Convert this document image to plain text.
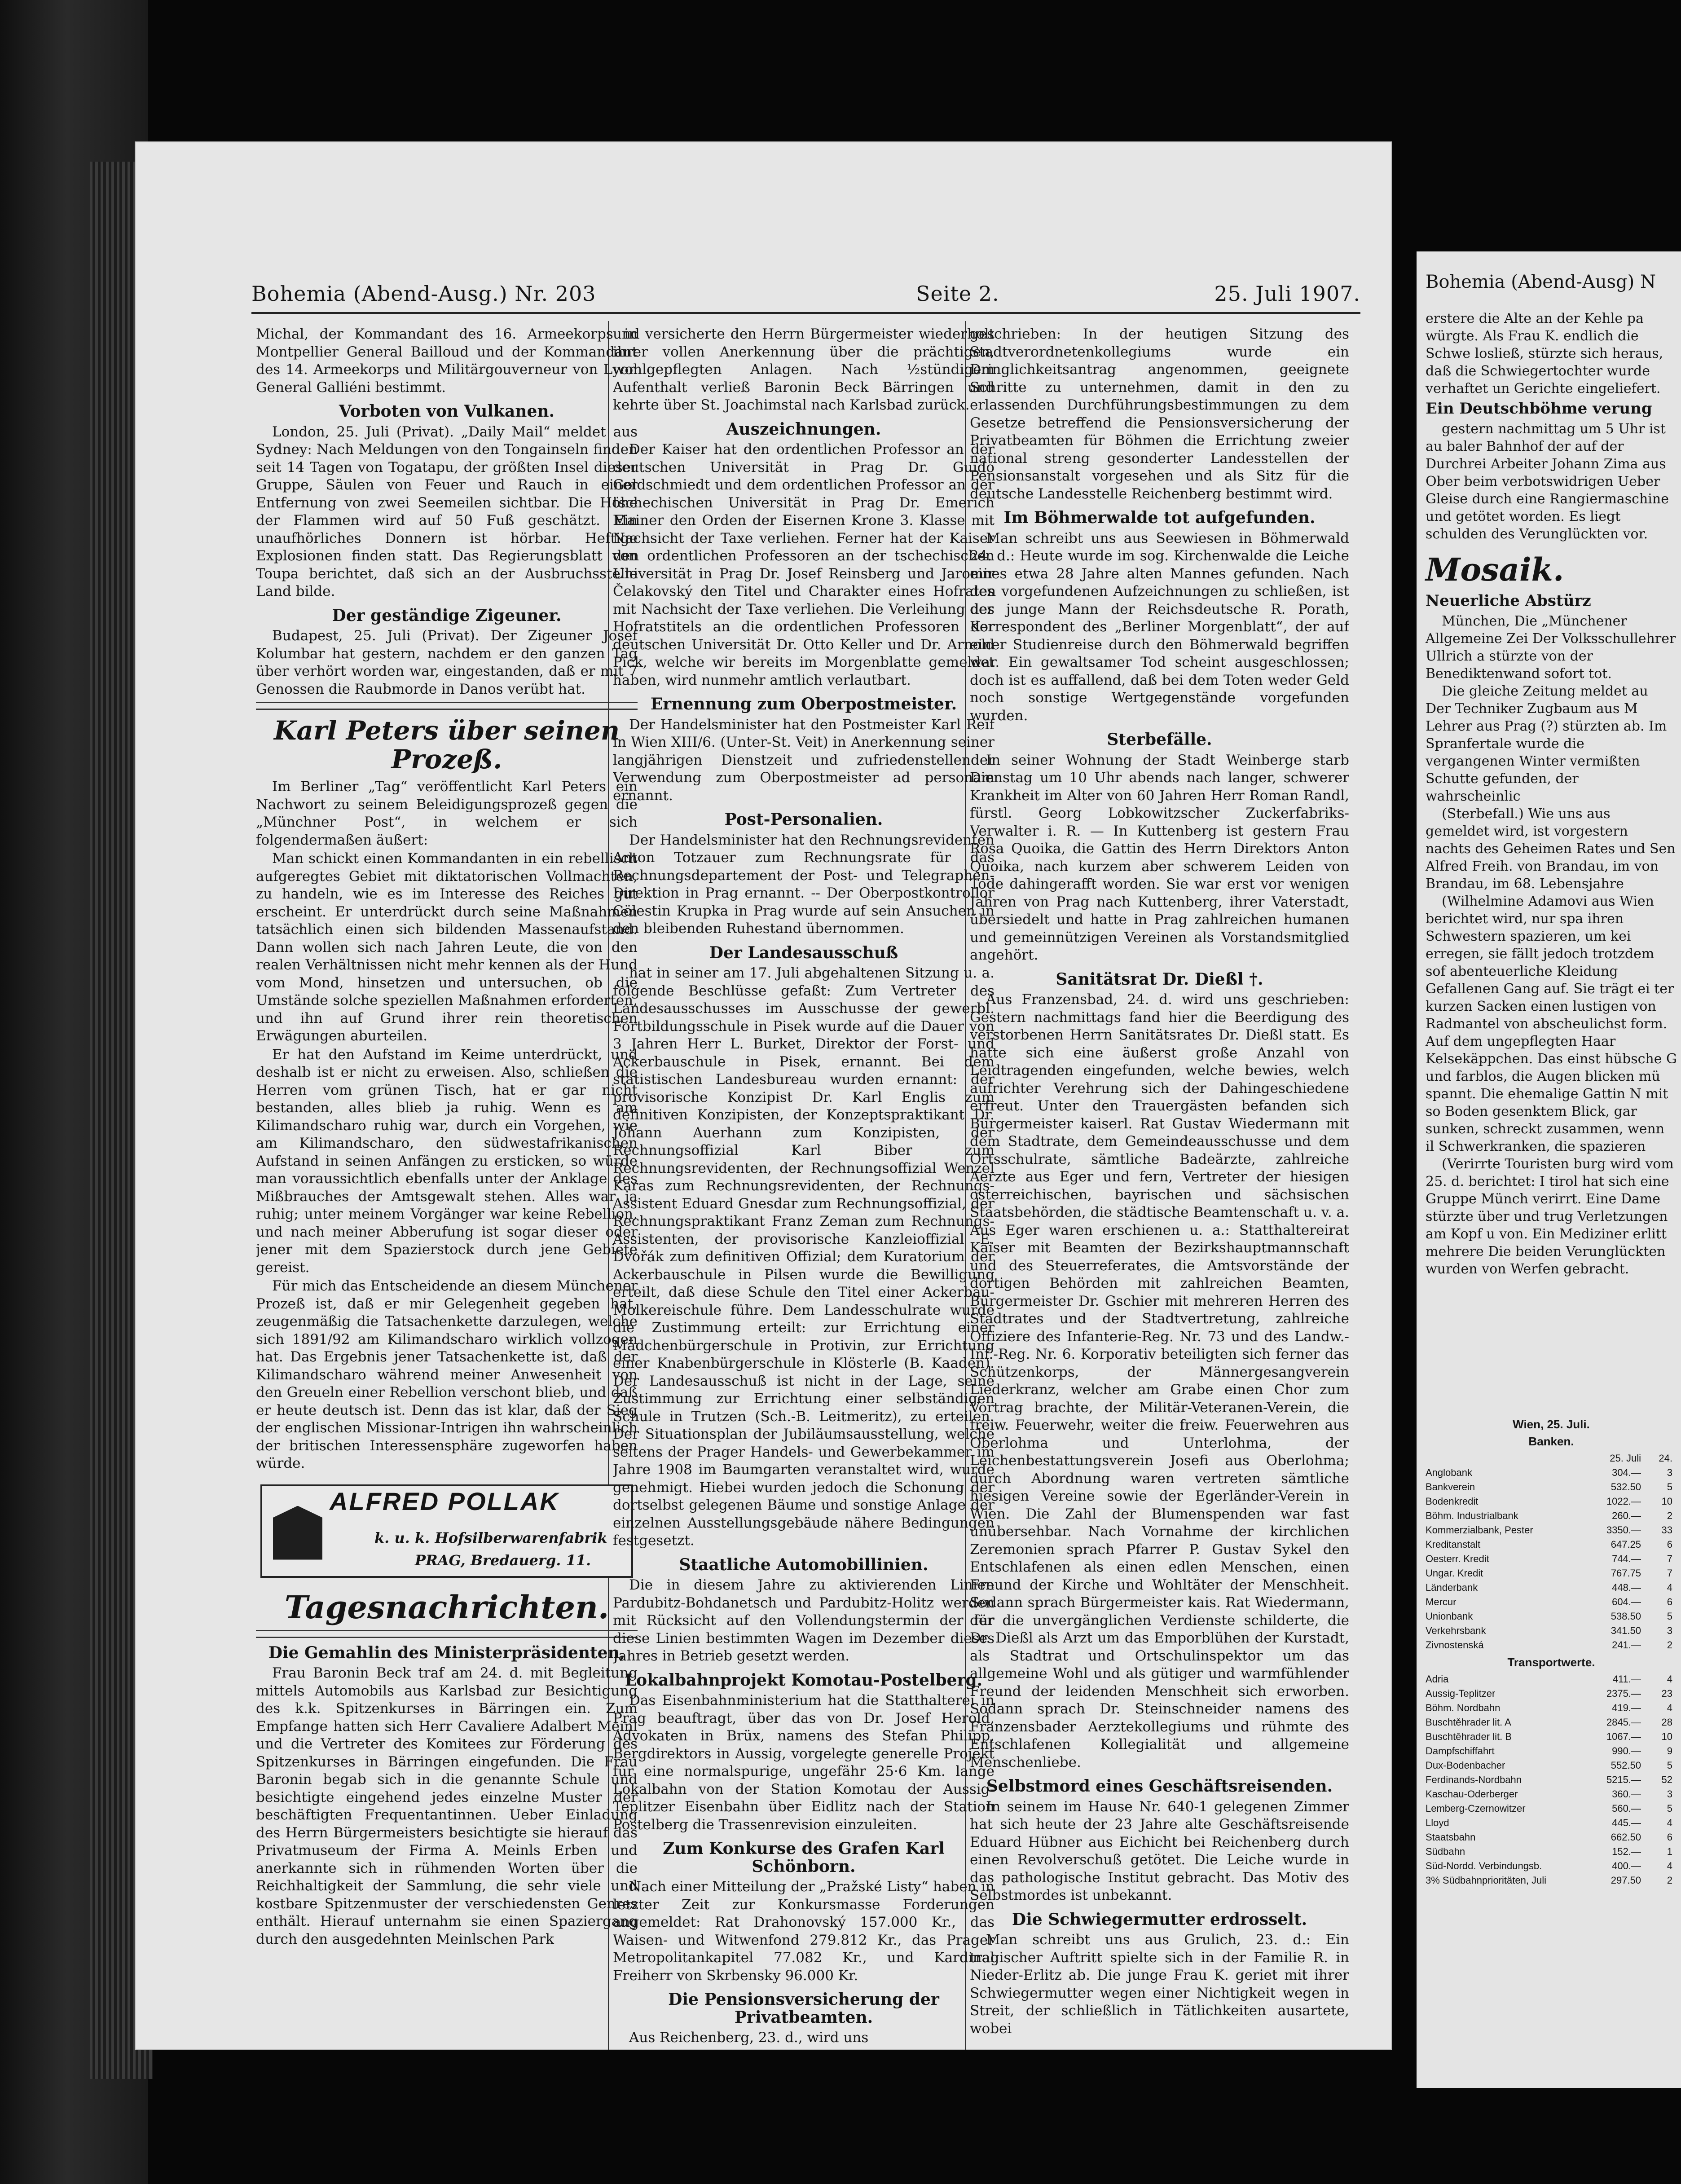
Bohemia (Abend-Ausg.) Nr. 203	Seite 2.	25. Juli 1907.

Michal, der Kommandant des 16. Armeekorps in Montpellier General Bailloud und der Kommandant des 14. Armeekorps und Militärgouverneur von Lyon General Galliéni bestimmt.

Vorboten von Vulkanen.

London, 25. Juli (Privat). „Daily Mail“ meldet aus Sydney: Nach Meldungen von den Tongainseln finden seit 14 Tagen von Togatapu, der größten Insel dieser Gruppe, Säulen von Feuer und Rauch in einer Entfernung von zwei Seemeilen sichtbar. Die Höhe der Flammen wird auf 50 Fuß geschätzt. Ein unaufhörliches Donnern ist hörbar. Heftige Explosionen finden statt. Das Regierungsblatt von Toupa berichtet, daß sich an der Ausbruchsstelle Land bilde.

Der geständige Zigeuner.

Budapest, 25. Juli (Privat). Der Zigeuner Josef Kolumbar hat gestern, nachdem er den ganzen Tag über verhört worden war, eingestanden, daß er mit 7 Genossen die Raubmorde in Danos verübt hat.

Karl Peters über seinen Prozeß.

Im Berliner „Tag“ veröffentlicht Karl Peters ein Nachwort zu seinem Beleidigungsprozeß gegen die „Münchner Post“, in welchem er sich folgendermaßen äußert:

Man schickt einen Kommandanten in ein rebellisch aufgeregtes Gebiet mit diktatorischen Vollmachten, zu handeln, wie es im Interesse des Reiches gut erscheint. Er unterdrückt durch seine Maßnahmen tatsächlich einen sich bildenden Massenaufstand. Dann wollen sich nach Jahren Leute, die von den realen Verhältnissen nicht mehr kennen als der Hund vom Mond, hinsetzen und untersuchen, ob die Umstände solche speziellen Maßnahmen erforderten, und ihn auf Grund ihrer rein theoretischen Erwägungen aburteilen.

Er hat den Aufstand im Keime unterdrückt, und deshalb ist er nicht zu erweisen. Also, schließen die Herren vom grünen Tisch, hat er gar nicht bestanden, alles blieb ja ruhig. Wenn es am Kilimandscharo ruhig war, durch ein Vorgehen, wie am Kilimandscharo, den südwestafrikanischen Aufstand in seinen Anfängen zu ersticken, so würde man voraussichtlich ebenfalls unter der Anklage des Mißbrauches der Amtsgewalt stehen. Alles war ja ruhig; unter meinem Vorgänger war keine Rebellion, und nach meiner Abberufung ist sogar dieser oder jener mit dem Spazierstock durch jene Gebiete gereist.

Für mich das Entscheidende an diesem Münchener Prozeß ist, daß er mir Gelegenheit gegeben hat, zeugenmäßig die Tatsachenkette darzulegen, welche sich 1891/92 am Kilimandscharo wirklich vollzogen hat. Das Ergebnis jener Tatsachenkette ist, daß der Kilimandscharo während meiner Anwesenheit von den Greueln einer Rebellion verschont blieb, und daß er heute deutsch ist. Denn das ist klar, daß der Sieg der englischen Missionar-Intrigen ihn wahrscheinlich der britischen Interessensphäre zugeworfen haben würde.

ALFRED POLLAK
k. u. k. Hofsilberwarenfabrik
PRAG, Bredauerg. 11.
Tagesnachrichten.
Die Gemahlin des Ministerpräsidenten,

Frau Baronin Beck traf am 24. d. mit Begleitung mittels Automobils aus Karlsbad zur Besichtigung des k.k. Spitzenkurses in Bärringen ein. Zum Empfange hatten sich Herr Cavaliere Adalbert Meinl und die Vertreter des Komitees zur Förderung des Spitzenkurses in Bärringen eingefunden. Die Frau Baronin begab sich in die genannte Schule und besichtigte eingehend jedes einzelne Muster der beschäftigten Frequentantinnen. Ueber Einladung des Herrn Bürgermeisters besichtigte sie hierauf das Privatmuseum der Firma A. Meinls Erben und anerkannte sich in rühmenden Worten über die Reichhaltigkeit der Sammlung, die sehr viele und kostbare Spitzenmuster der verschiedensten Genres enthält. Hierauf unternahm sie einen Spaziergang durch den ausgedehnten Meinlschen Park

und versicherte den Herrn Bürgermeister wiederholt ihrer vollen Anerkennung über die prächtigen, wohlgepflegten Anlagen. Nach ½stündigem Aufenthalt verließ Baronin Beck Bärringen und kehrte über St. Joachimstal nach Karlsbad zurück.

Auszeichnungen.

Der Kaiser hat den ordentlichen Professor an der deutschen Universität in Prag Dr. Guido Goldschmiedt und dem ordentlichen Professor an der tschechischen Universität in Prag Dr. Emerich Mainer den Orden der Eisernen Krone 3. Klasse mit Nachsicht der Taxe verliehen. Ferner hat der Kaiser den ordentlichen Professoren an der tschechischen Universität in Prag Dr. Josef Reinsberg und Jaromir Čelakovský den Titel und Charakter eines Hofrates mit Nachsicht der Taxe verliehen. Die Verleihung des Hofratstitels an die ordentlichen Professoren der deutschen Universität Dr. Otto Keller und Dr. Arnold Pick, welche wir bereits im Morgenblatte gemeldet haben, wird nunmehr amtlich verlautbart.

Ernennung zum Oberpostmeister.

Der Handelsminister hat den Postmeister Karl Reif in Wien XIII/6. (Unter-St. Veit) in Anerkennung seiner langjährigen Dienstzeit und zufriedenstellender Verwendung zum Oberpostmeister ad personam ernannt.

Post-Personalien.

Der Handelsminister hat den Rechnungsrevidenten Anton Totzauer zum Rechnungsrate für das Rechnungsdepartement der Post- und Telegraphen-Direktion in Prag ernannt. -- Der Oberpostkontrollor Cölestin Krupka in Prag wurde auf sein Ansuchen in den bleibenden Ruhestand übernommen.

Der Landesausschuß

hat in seiner am 17. Juli abgehaltenen Sitzung u. a. folgende Beschlüsse gefaßt: Zum Vertreter des Landesausschusses im Ausschusse der gewerbl. Fortbildungsschule in Pisek wurde auf die Dauer von 3 Jahren Herr L. Burket, Direktor der Forst- und Ackerbauschule in Pisek, ernannt. Bei dem statistischen Landesbureau wurden ernannt: der provisorische Konzipist Dr. Karl Englis zum definitiven Konzipisten, der Konzeptspraktikant Dr. Johann Auerhann zum Konzipisten, der Rechnungsoffizial Karl Biber zum Rechnungsrevidenten, der Rechnungsoffizial Wenzel Karas zum Rechnungsrevidenten, der Rechnungs-Assistent Eduard Gnesdar zum Rechnungsoffizial, der Rechnungspraktikant Franz Zeman zum Rechnungs-Assistenten, der provisorische Kanzleioffizial E. Dvořák zum definitiven Offizial; dem Kuratorium der Ackerbauschule in Pilsen wurde die Bewilligung erteilt, daß diese Schule den Titel einer Ackerbau-Molkereischule führe. Dem Landesschulrate wurde die Zustimmung erteilt: zur Errichtung einer Mädchenbürgerschule in Protivin, zur Errichtung einer Knabenbürgerschule in Klösterle (B. Kaaden). Der Landesausschuß ist nicht in der Lage, seine Zustimmung zur Errichtung einer selbständigen Schule in Trutzen (Sch.-B. Leitmeritz), zu erteilen. Der Situationsplan der Jubiläumsausstellung, welche seitens der Prager Handels- und Gewerbekammer im Jahre 1908 im Baumgarten veranstaltet wird, wurde genehmigt. Hiebei wurden jedoch die Schonung der dortselbst gelegenen Bäume und sonstige Anlage der einzelnen Ausstellungsgebäude nähere Bedingungen festgesetzt.

Staatliche Automobillinien.

Die in diesem Jahre zu aktivierenden Linien Pardubitz-Bohdanetsch und Pardubitz-Holitz werden mit Rücksicht auf den Vollendungstermin der für diese Linien bestimmten Wagen im Dezember dieses Jahres in Betrieb gesetzt werden.

Lokalbahnprojekt Komotau-Postelberg.

Das Eisenbahnministerium hat die Statthalterei in Prag beauftragt, über das von Dr. Josef Herold, Advokaten in Brüx, namens des Stefan Philipp, Bergdirektors in Aussig, vorgelegte generelle Projekt für eine normalspurige, ungefähr 25·6 Km. lange Lokalbahn von der Station Komotau der Aussig-Teplitzer Eisenbahn über Eidlitz nach der Station Postelberg die Trassenrevision einzuleiten.

Zum Konkurse des Grafen Karl Schönborn.

Nach einer Mitteilung der „Pražské Listy“ haben in letzter Zeit zur Konkursmasse Forderungen angemeldet: Rat Drahonovský 157.000 Kr., das Waisen- und Witwenfond 279.812 Kr., das Prager Metropolitankapitel 77.082 Kr., und Kardinal Freiherr von Skrbensky 96.000 Kr.

Die Pensionsversicherung der Privatbeamten.

Aus Reichenberg, 23. d., wird uns

geschrieben: In der heutigen Sitzung des Stadtverordnetenkollegiums wurde ein Dringlichkeitsantrag angenommen, geeignete Schritte zu unternehmen, damit in den zu erlassenden Durchführungsbestimmungen zu dem Gesetze betreffend die Pensionsversicherung der Privatbeamten für Böhmen die Errichtung zweier national streng gesonderter Landesstellen der Pensionsanstalt vorgesehen und als Sitz für die deutsche Landesstelle Reichenberg bestimmt wird.

Im Böhmerwalde tot aufgefunden.

Man schreibt uns aus Seewiesen in Böhmerwald 24. d.: Heute wurde im sog. Kirchenwalde die Leiche eines etwa 28 Jahre alten Mannes gefunden. Nach den vorgefundenen Aufzeichnungen zu schließen, ist der junge Mann der Reichsdeutsche R. Porath, Korrespondent des „Berliner Morgenblatt“, der auf einer Studienreise durch den Böhmerwald begriffen war. Ein gewaltsamer Tod scheint ausgeschlossen; doch ist es auffallend, daß bei dem Toten weder Geld noch sonstige Wertgegenstände vorgefunden wurden.

Sterbefälle.

In seiner Wohnung der Stadt Weinberge starb Dienstag um 10 Uhr abends nach langer, schwerer Krankheit im Alter von 60 Jahren Herr Roman Randl, fürstl. Georg Lobkowitzscher Zuckerfabriks-Verwalter i. R. — In Kuttenberg ist gestern Frau Rosa Quoika, die Gattin des Herrn Direktors Anton Quoika, nach kurzem aber schwerem Leiden von Tode dahingerafft worden. Sie war erst vor wenigen Jahren von Prag nach Kuttenberg, ihrer Vaterstadt, übersiedelt und hatte in Prag zahlreichen humanen und gemeinnützigen Vereinen als Vorstandsmitglied angehört.

Sanitätsrat Dr. Dießl †.

Aus Franzensbad, 24. d. wird uns geschrieben: Gestern nachmittags fand hier die Beerdigung des verstorbenen Herrn Sanitätsrates Dr. Dießl statt. Es hatte sich eine äußerst große Anzahl von Leidtragenden eingefunden, welche bewies, welch aufrichter Verehrung sich der Dahingeschiedene erfreut. Unter den Trauergästen befanden sich Bürgermeister kaiserl. Rat Gustav Wiedermann mit dem Stadtrate, dem Gemeindeausschusse und dem Ortsschulrate, sämtliche Badeärzte, zahlreiche Aerzte aus Eger und fern, Vertreter der hiesigen österreichischen, bayrischen und sächsischen Staatsbehörden, die städtische Beamtenschaft u. v. a. Aus Eger waren erschienen u. a.: Statthaltereirat Kaiser mit Beamten der Bezirkshauptmannschaft und des Steuerreferates, die Amtsvorstände der dortigen Behörden mit zahlreichen Beamten, Bürgermeister Dr. Gschier mit mehreren Herren des Stadtrates und der Stadtvertretung, zahlreiche Offiziere des Infanterie-Reg. Nr. 73 und des Landw.-Inf.-Reg. Nr. 6. Korporativ beteiligten sich ferner das Schützenkorps, der Männergesangverein Liederkranz, welcher am Grabe einen Chor zum Vortrag brachte, der Militär-Veteranen-Verein, die freiw. Feuerwehr, weiter die freiw. Feuerwehren aus Oberlohma und Unterlohma, der Leichenbestattungsverein Josefi aus Oberlohma; durch Abordnung waren vertreten sämtliche hiesigen Vereine sowie der Egerländer-Verein in Wien. Die Zahl der Blumenspenden war fast unübersehbar. Nach Vornahme der kirchlichen Zeremonien sprach Pfarrer P. Gustav Sykel den Entschlafenen als einen edlen Menschen, einen Freund der Kirche und Wohltäter der Menschheit. Sodann sprach Bürgermeister kais. Rat Wiedermann, der die unvergänglichen Verdienste schilderte, die Dr. Dießl als Arzt um das Emporblühen der Kurstadt, als Stadtrat und Ortschulinspektor um das allgemeine Wohl und als gütiger und warmfühlender Freund der leidenden Menschheit sich erworben. Sodann sprach Dr. Steinschneider namens des Franzensbader Aerztekollegiums und rühmte des Entschlafenen Kollegialität und allgemeine Menschenliebe.

Selbstmord eines Geschäftsreisenden.

In seinem im Hause Nr. 640-1 gelegenen Zimmer hat sich heute der 23 Jahre alte Geschäftsreisende Eduard Hübner aus Eichicht bei Reichenberg durch einen Revolverschuß getötet. Die Leiche wurde in das pathologische Institut gebracht. Das Motiv des Selbstmordes ist unbekannt.

Die Schwiegermutter erdrosselt.

Man schreibt uns aus Grulich, 23. d.: Ein tragischer Auftritt spielte sich in der Familie R. in Nieder-Erlitz ab. Die junge Frau K. geriet mit ihrer Schwiegermutter wegen einer Nichtigkeit wegen in Streit, der schließlich in Tätlichkeiten ausartete, wobei

Bohemia (Abend-Ausg) N

erstere die Alte an der Kehle pa würgte. Als Frau K. endlich die Schwe losließ, stürzte sich heraus, daß die Schwiegertochter wurde verhaftet un Gerichte eingeliefert.

Ein Deutschböhme verung

gestern nachmittag um 5 Uhr ist au baler Bahnhof der auf der Durchrei Arbeiter Johann Zima aus Ober beim verbotswidrigen Ueber Gleise durch eine Rangiermaschine und getötet worden. Es liegt schulden des Verunglückten vor.

Mosaik.
Neuerliche Abstürz

München, Die „Münchener Allgemeine Zei Der Volksschullehrer Ullrich a stürzte von der Benediktenwand sofort tot.

Die gleiche Zeitung meldet au Der Techniker Zugbaum aus M Lehrer aus Prag (?) stürzten ab. Im Spranfertale wurde die vergangenen Winter vermißten Schutte gefunden, der wahrscheinlic

(Sterbefall.) Wie uns aus gemeldet wird, ist vorgestern nachts des Geheimen Rates und Sen Alfred Freih. von Brandau, im von Brandau, im 68. Lebensjahre

(Wilhelmine Adamovi aus Wien berichtet wird, nur spa ihren Schwestern spazieren, um kei erregen, sie fällt jedoch trotzdem sof abenteuerliche Kleidung Gefallenen Gang auf. Sie trägt ei ter kurzen Sacken einen lustigen von Radmantel von abscheulichst form. Auf dem ungepflegten Haar Kelsekäppchen. Das einst hübsche G und farblos, die Augen blicken mü spannt. Die ehemalige Gattin N mit so Boden gesenktem Blick, gar sunken, schreckt zusammen, wenn il Schwerkranken, die spazieren

(Verirrte Touristen burg wird vom 25. d. berichtet: I tirol hat sich eine Gruppe Münch verirrt. Eine Dame stürzte über und trug Verletzungen am Kopf u von. Ein Mediziner erlitt mehrere Die beiden Verunglückten wurden von Werfen gebracht.

Wien, 25. Juli.
Banken.
25. Juli	24.
Anglobank	304.—	3
Bankverein	532.50	5
Bodenkredit	1022.—	10
Böhm. Industrialbank	260.—	2
Kommerzialbank, Pester	3350.—	33
Kreditanstalt	647.25	6
Oesterr. Kredit	744.—	7
Ungar. Kredit	767.75	7
Länderbank	448.—	4
Mercur	604.—	6
Unionbank	538.50	5
Verkehrsbank	341.50	3
Zivnostenská	241.—	2
Transportwerte.
Adria	411.—	4
Aussig-Teplitzer	2375.—	23
Böhm. Nordbahn	419.—	4
Buschtěhrader lit. A	2845.—	28
Buschtěhrader lit. B	1067.—	10
Dampfschiffahrt	990.—	9
Dux-Bodenbacher	552.50	5
Ferdinands-Nordbahn	5215.—	52
Kaschau-Oderberger	360.—	3
Lemberg-Czernowitzer	560.—	5
Lloyd	445.—	4
Staatsbahn	662.50	6
Südbahn	152.—	1
Süd-Nordd. Verbindungsb.	400.—	4
3% Südbahnprioritäten, Juli	297.50	2
